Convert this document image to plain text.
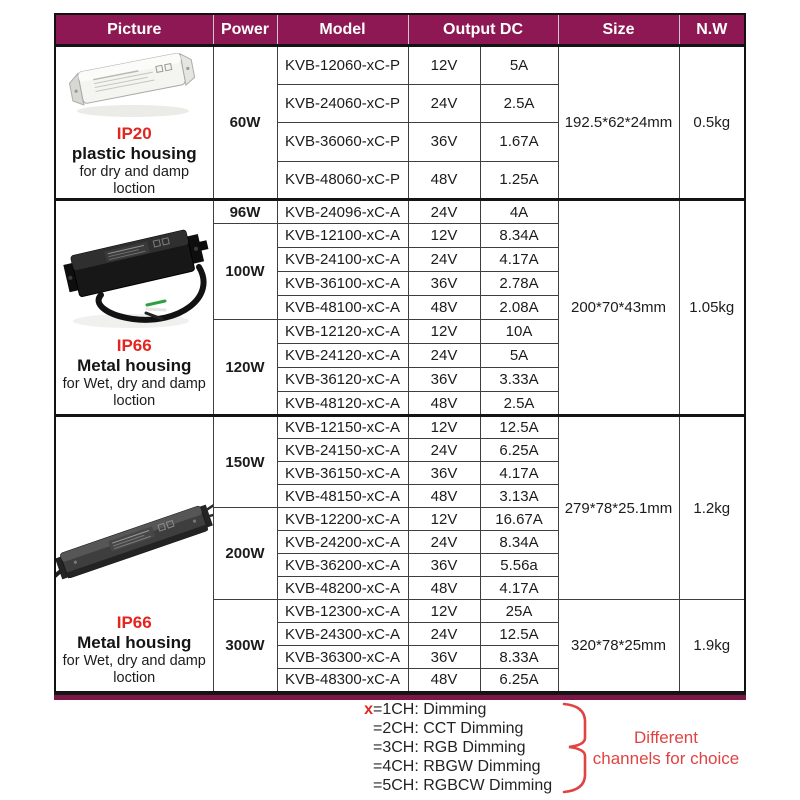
Picture	Power	Model	Output DC		Size	N.W

IP20
plastic housing
for dry and damp
loction	60W	KVB-12060-xC-P	12V	5A	192.5*62*24mm	0.5kg
		KVB-24060-xC-P	24V	2.5A		
		KVB-36060-xC-P	36V	1.67A		
		KVB-48060-xC-P	48V	1.25A		

IP66
Metal housing
for Wet, dry and damp
loction	96W	KVB-24096-xC-A	24V	4A	200*70*43mm	1.05kg
	100W	KVB-12100-xC-A	12V	8.34A		
		KVB-24100-xC-A	24V	4.17A		
		KVB-36100-xC-A	36V	2.78A		
		KVB-48100-xC-A	48V	2.08A		
	120W	KVB-12120-xC-A	12V	10A		
		KVB-24120-xC-A	24V	5A		
		KVB-36120-xC-A	36V	3.33A		
		KVB-48120-xC-A	48V	2.5A		

IP66
Metal housing
for Wet, dry and damp
loction	150W	KVB-12150-xC-A	12V	12.5A	279*78*25.1mm	1.2kg
		KVB-24150-xC-A	24V	6.25A		
		KVB-36150-xC-A	36V	4.17A		
		KVB-48150-xC-A	48V	3.13A		
	200W	KVB-12200-xC-A	12V	16.67A		
		KVB-24200-xC-A	24V	8.34A		
		KVB-36200-xC-A	36V	5.56a		
		KVB-48200-xC-A	48V	4.17A		
	300W	KVB-12300-xC-A	12V	25A	320*78*25mm	1.9kg
		KVB-24300-xC-A	24V	12.5A		
		KVB-36300-xC-A	36V	8.33A		
		KVB-48300-xC-A	48V	6.25A		
x=1CH: Dimming
=2CH: CCT Dimming
=3CH: RGB Dimming
=4CH: RBGW Dimming
=5CH: RGBCW Dimming
Different
channels for choice
